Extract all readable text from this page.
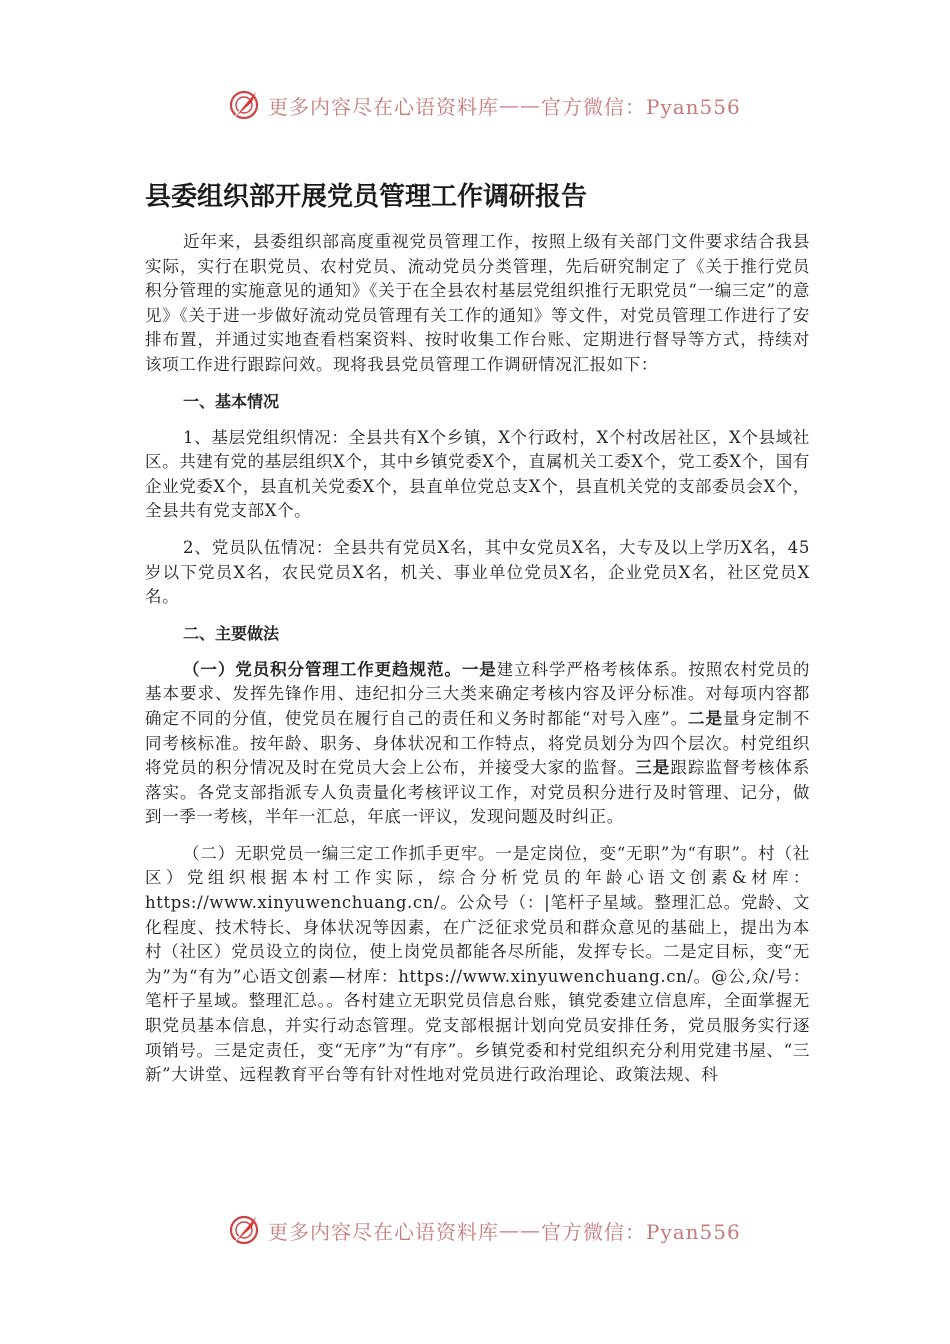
更多内容尽在心语资料库 —— 官方微信：Pyan556
县委组织部开展党员管理工作调研报告

近年来，县委组织部高度重视党员管理工作，按照上级有关部门文件要求结合我县实际，实行在职党员、农村党员、流动党员分类管理，先后研究制定了《关于推行党员积分管理的实施意见的通知》《关于在全县农村基层党组织推行无职党员“一编三定”的意见》《关于进一步做好流动党员管理有关工作的通知》等文件，对党员管理工作进行了安排布置，并通过实地查看档案资料、按时收集工作台账、定期进行督导等方式，持续对该项工作进行跟踪问效。现将我县党员管理工作调研情况汇报如下：

一、基本情况

1、基层党组织情况：全县共有X个乡镇，X个行政村，X个村改居社区，X个县域社区。共建有党的基层组织X个，其中乡镇党委X个，直属机关工委X个，党工委X个，国有企业党委X个，县直机关党委X个，县直单位党总支X个，县直机关党的支部委员会X个，全县共有党支部X个。

2、党员队伍情况：全县共有党员X名，其中女党员X名，大专及以上学历X名，45岁以下党员X名，农民党员X名，机关、事业单位党员X名，企业党员X名，社区党员X名。

二、主要做法

（一）党员积分管理工作更趋规范。一是建立科学严格考核体系。按照农村党员的基本要求、发挥先锋作用、违纪扣分三大类来确定考核内容及评分标准。对每项内容都确定不同的分值，使党员在履行自己的责任和义务时都能“对号入座”。二是量身定制不同考核标准。按年龄、职务、身体状况和工作特点，将党员划分为四个层次。村党组织将党员的积分情况及时在党员大会上公布，并接受大家的监督。三是跟踪监督考核体系落实。各党支部指派专人负责量化考核评议工作，对党员积分进行及时管理、记分，做到一季一考核，半年一汇总，年底一评议，发现问题及时纠正。

（二）无职党员一编三定工作抓手更牢。一是定岗位，变“无职”为“有职”。村（社区）党组织根据本村工作实际，综合分析党员的年龄心语文创素&材库：https://www.xinyuwenchuang.cn/。公众号（：|笔杆子星域。整理汇总。党龄、文化程度、技术特长、身体状况等因素，在广泛征求党员和群众意见的基础上，提出为本村（社区）党员设立的岗位，使上岗党员都能各尽所能，发挥专长。二是定目标，变“无为”为“有为”心语文创素—材库：https://www.xinyuwenchuang.cn/。@公,众/号：笔杆子星域。整理汇总。。各村建立无职党员信息台账，镇党委建立信息库，全面掌握无职党员基本信息，并实行动态管理。党支部根据计划向党员安排任务，党员服务实行逐项销号。三是定责任，变“无序”为“有序”。乡镇党委和村党组织充分利用党建书屋、“三新”大讲堂、远程教育平台等有针对性地对党员进行政治理论、政策法规、科

更多内容尽在心语资料库 —— 官方微信：Pyan556
